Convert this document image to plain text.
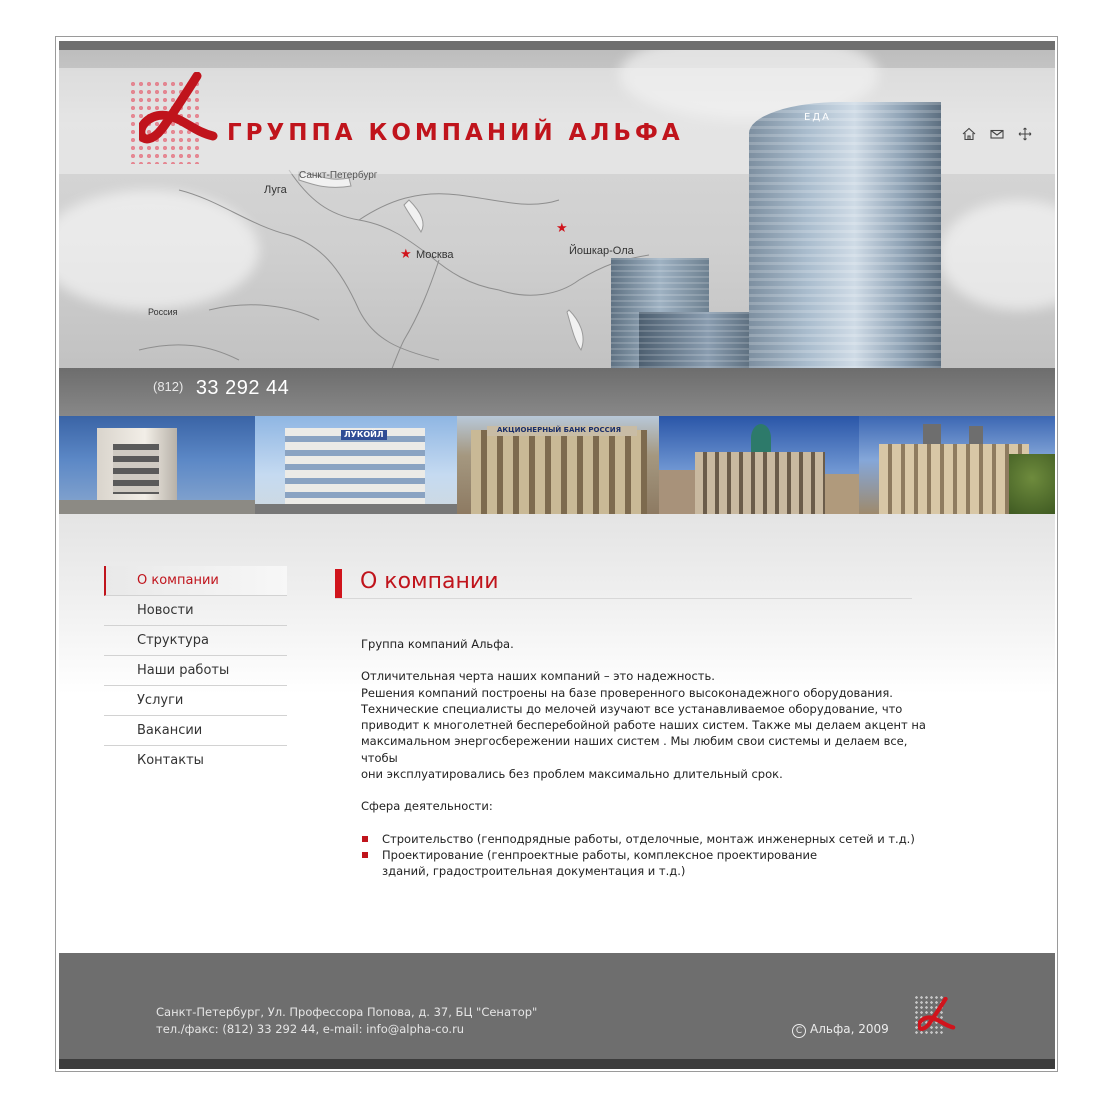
ГРУППА КОМПАНИЙ АЛЬФА
Санкт-Петербург
Луга
★ Москва
★
Йошкар-Ола
Россия
ЕДА
(812) 33 292 44
ЛУКОЙЛ	АКЦИОНЕРНЫЙ БАНК РОССИЯ
О компании
Новости
Структура
Наши работы
Услуги
Вакансии
Контакты
О компании

Группа компаний Альфа.

Отличительная черта наших компаний – это надежность.

Решения компаний построены на базе проверенного высоконадежного оборудования.

Технические специалисты до мелочей изучают все устанавливаемое оборудование, что

приводит к многолетней бесперебойной работе наших систем. Также мы делаем акцент на

максимальном энергосбережении наших систем . Мы любим свои системы и делаем все, чтобы

они эксплуатировались без проблем максимально длительный срок.

Сфера деятельности:

Строительство (генподрядные работы, отделочные, монтаж инженерных сетей и т.д.)
Проектирование (генпроектные работы, комплексное проектирование
зданий, градостроительная документация и т.д.)
Санкт-Петербург, Ул. Профессора Попова, д. 37, БЦ "Сенатор"
тел./факс: (812) 33 292 44, e-mail: info@alpha-co.ru	C Альфа, 2009
